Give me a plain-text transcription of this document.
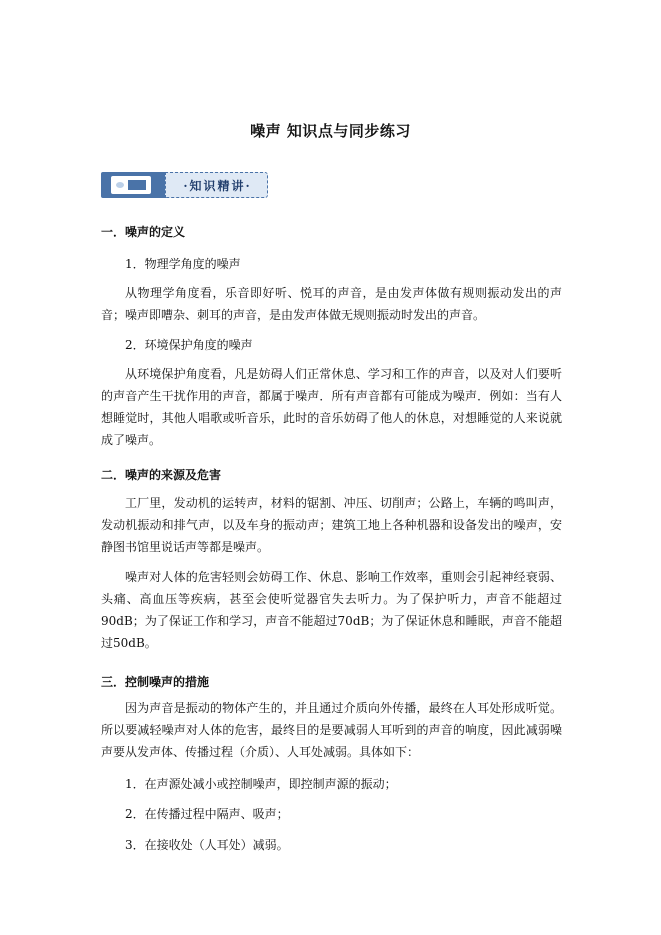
噪声 知识点与同步练习
·知识精讲·
一．噪声的定义
1．物理学角度的噪声
从物理学角度看，乐音即好听、悦耳的声音，是由发声体做有规则振动发出的声音；噪声即嘈杂、刺耳的声音，是由发声体做无规则振动时发出的声音。
2．环境保护角度的噪声
从环境保护角度看，凡是妨碍人们正常休息、学习和工作的声音，以及对人们要听的声音产生干扰作用的声音，都属于噪声．所有声音都有可能成为噪声．例如：当有人想睡觉时，其他人唱歌或听音乐，此时的音乐妨碍了他人的休息，对想睡觉的人来说就成了噪声。
二．噪声的来源及危害
工厂里，发动机的运转声，材料的锯割、冲压、切削声；公路上，车辆的鸣叫声，发动机振动和排气声，以及车身的振动声；建筑工地上各种机器和设备发出的噪声，安静图书馆里说话声等都是噪声。
噪声对人体的危害轻则会妨碍工作、休息、影响工作效率，重则会引起神经衰弱、头痛、高血压等疾病，甚至会使听觉器官失去听力。为了保护听力，声音不能超过90dB；为了保证工作和学习，声音不能超过70dB；为了保证休息和睡眠，声音不能超过50dB。
三．控制噪声的措施
因为声音是振动的物体产生的，并且通过介质向外传播，最终在人耳处形成听觉。所以要减轻噪声对人体的危害，最终目的是要减弱人耳听到的声音的响度，因此减弱噪声要从发声体、传播过程（介质）、人耳处减弱。具体如下：
1．在声源处减小或控制噪声，即控制声源的振动；
2．在传播过程中隔声、吸声；
3．在接收处（人耳处）减弱。
